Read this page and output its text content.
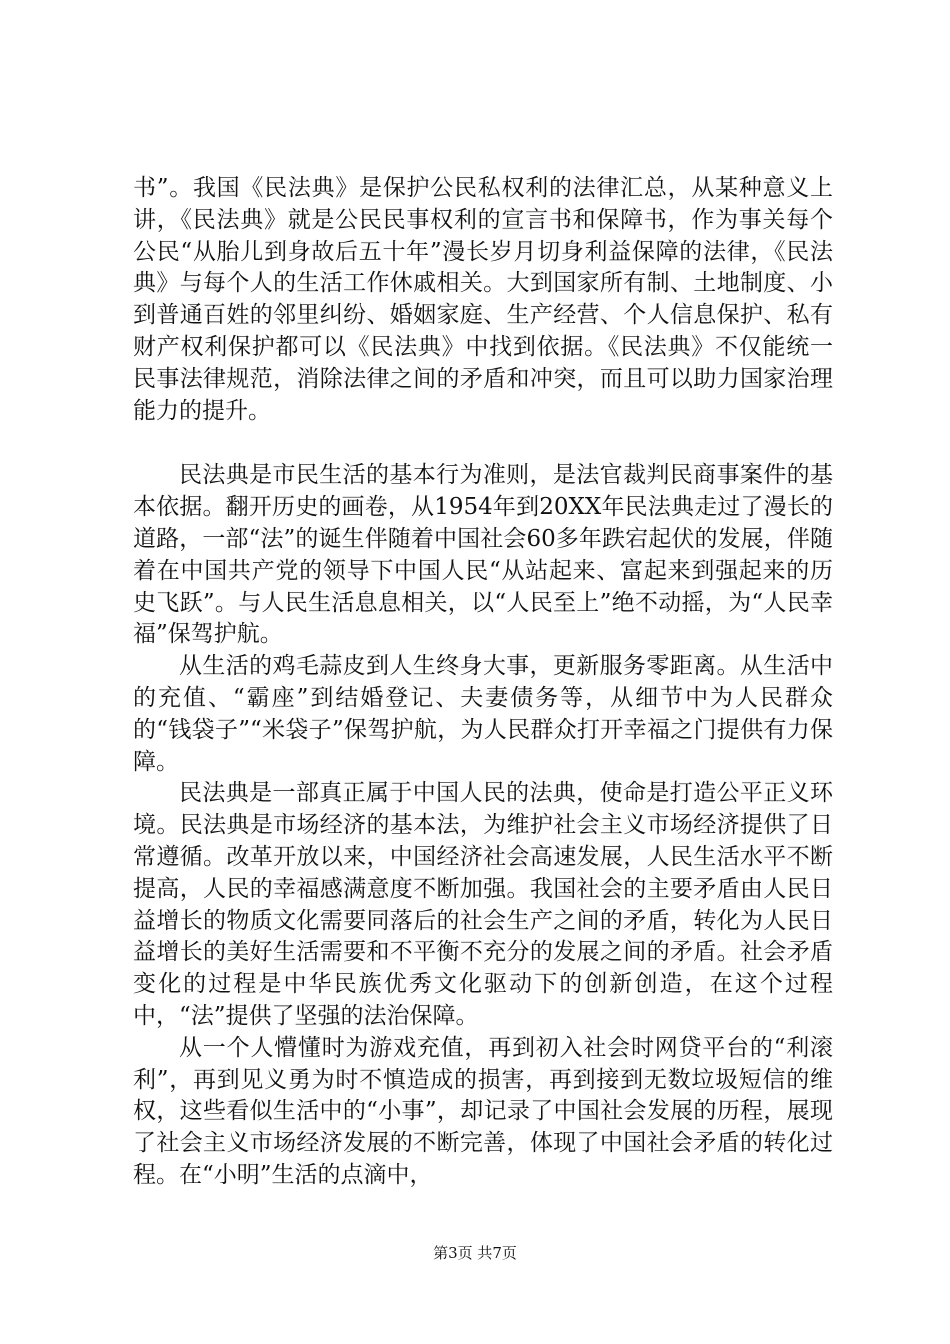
书”。我国《民法典》是保护公民私权利的法律汇总，从某种意义上讲，《民法典》就是公民民事权利的宣言书和保障书，作为事关每个公民“从胎儿到身故后五十年”漫长岁月切身利益保障的法律，《民法典》与每个人的生活工作休戚相关。大到国家所有制、土地制度、小到普通百姓的邻里纠纷、婚姻家庭、生产经营、个人信息保护、私有财产权利保护都可以《民法典》中找到依据。《民法典》不仅能统一民事法律规范，消除法律之间的矛盾和冲突，而且可以助力国家治理能力的提升。

民法典是市民生活的基本行为准则，是法官裁判民商事案件的基本依据。翻开历史的画卷，从1954年到20XX年民法典走过了漫长的道路，一部“法”的诞生伴随着中国社会60多年跌宕起伏的发展，伴随着在中国共产党的领导下中国人民“从站起来、富起来到强起来的历史飞跃”。与人民生活息息相关，以“人民至上”绝不动摇，为“人民幸福”保驾护航。

从生活的鸡毛蒜皮到人生终身大事，更新服务零距离。从生活中的充值、“霸座”到结婚登记、夫妻债务等，从细节中为人民群众的“钱袋子”“米袋子”保驾护航，为人民群众打开幸福之门提供有力保障。

民法典是一部真正属于中国人民的法典，使命是打造公平正义环境。民法典是市场经济的基本法，为维护社会主义市场经济提供了日常遵循。改革开放以来，中国经济社会高速发展，人民生活水平不断提高，人民的幸福感满意度不断加强。我国社会的主要矛盾由人民日益增长的物质文化需要同落后的社会生产之间的矛盾，转化为人民日益增长的美好生活需要和不平衡不充分的发展之间的矛盾。社会矛盾变化的过程是中华民族优秀文化驱动下的创新创造，在这个过程中，“法”提供了坚强的法治保障。

从一个人懵懂时为游戏充值，再到初入社会时网贷平台的“利滚利”，再到见义勇为时不慎造成的损害，再到接到无数垃圾短信的维权，这些看似生活中的“小事”，却记录了中国社会发展的历程，展现了社会主义市场经济发展的不断完善，体现了中国社会矛盾的转化过程。在“小明”生活的点滴中，

第3页 共7页
